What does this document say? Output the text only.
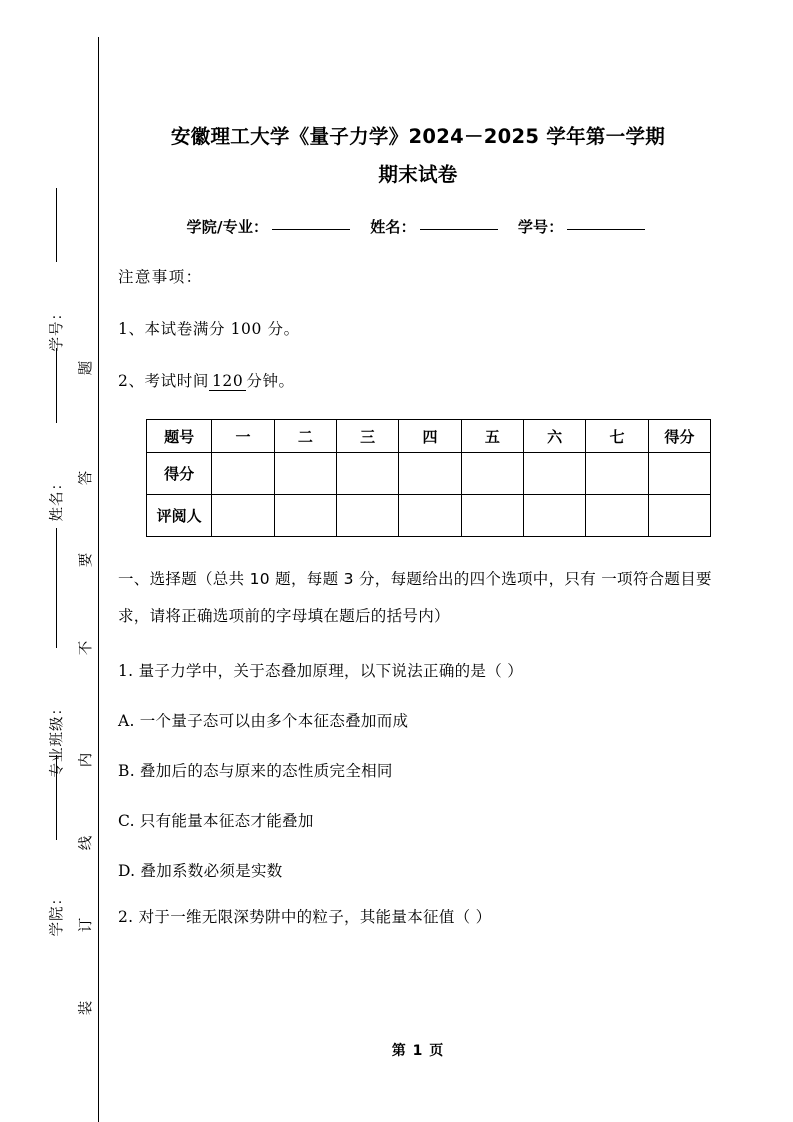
学号：
姓名：
专业班级：
学院：
题
答
要
不
内
线
订
装
安徽理工大学《量子力学》2024－2025 学年第一学期
期末试卷
学院/专业：	姓名：	学号：

注意事项：

1、本试卷满分 100 分。

2、考试时间 120 分钟。

题号	一	二	三	四	五	六	七	得分
得分								
评阅人								

一、选择题（总共 10 题，每题 3 分，每题给出的四个选项中，只有 一项符合题目要求，请将正确选项前的字母填在题后的括号内）

1. 量子力学中，关于态叠加原理，以下说法正确的是（ ）

A. 一个量子态可以由多个本征态叠加而成

B. 叠加后的态与原来的态性质完全相同

C. 只有能量本征态才能叠加

D. 叠加系数必须是实数

2. 对于一维无限深势阱中的粒子，其能量本征值（ ）

第 1 页
